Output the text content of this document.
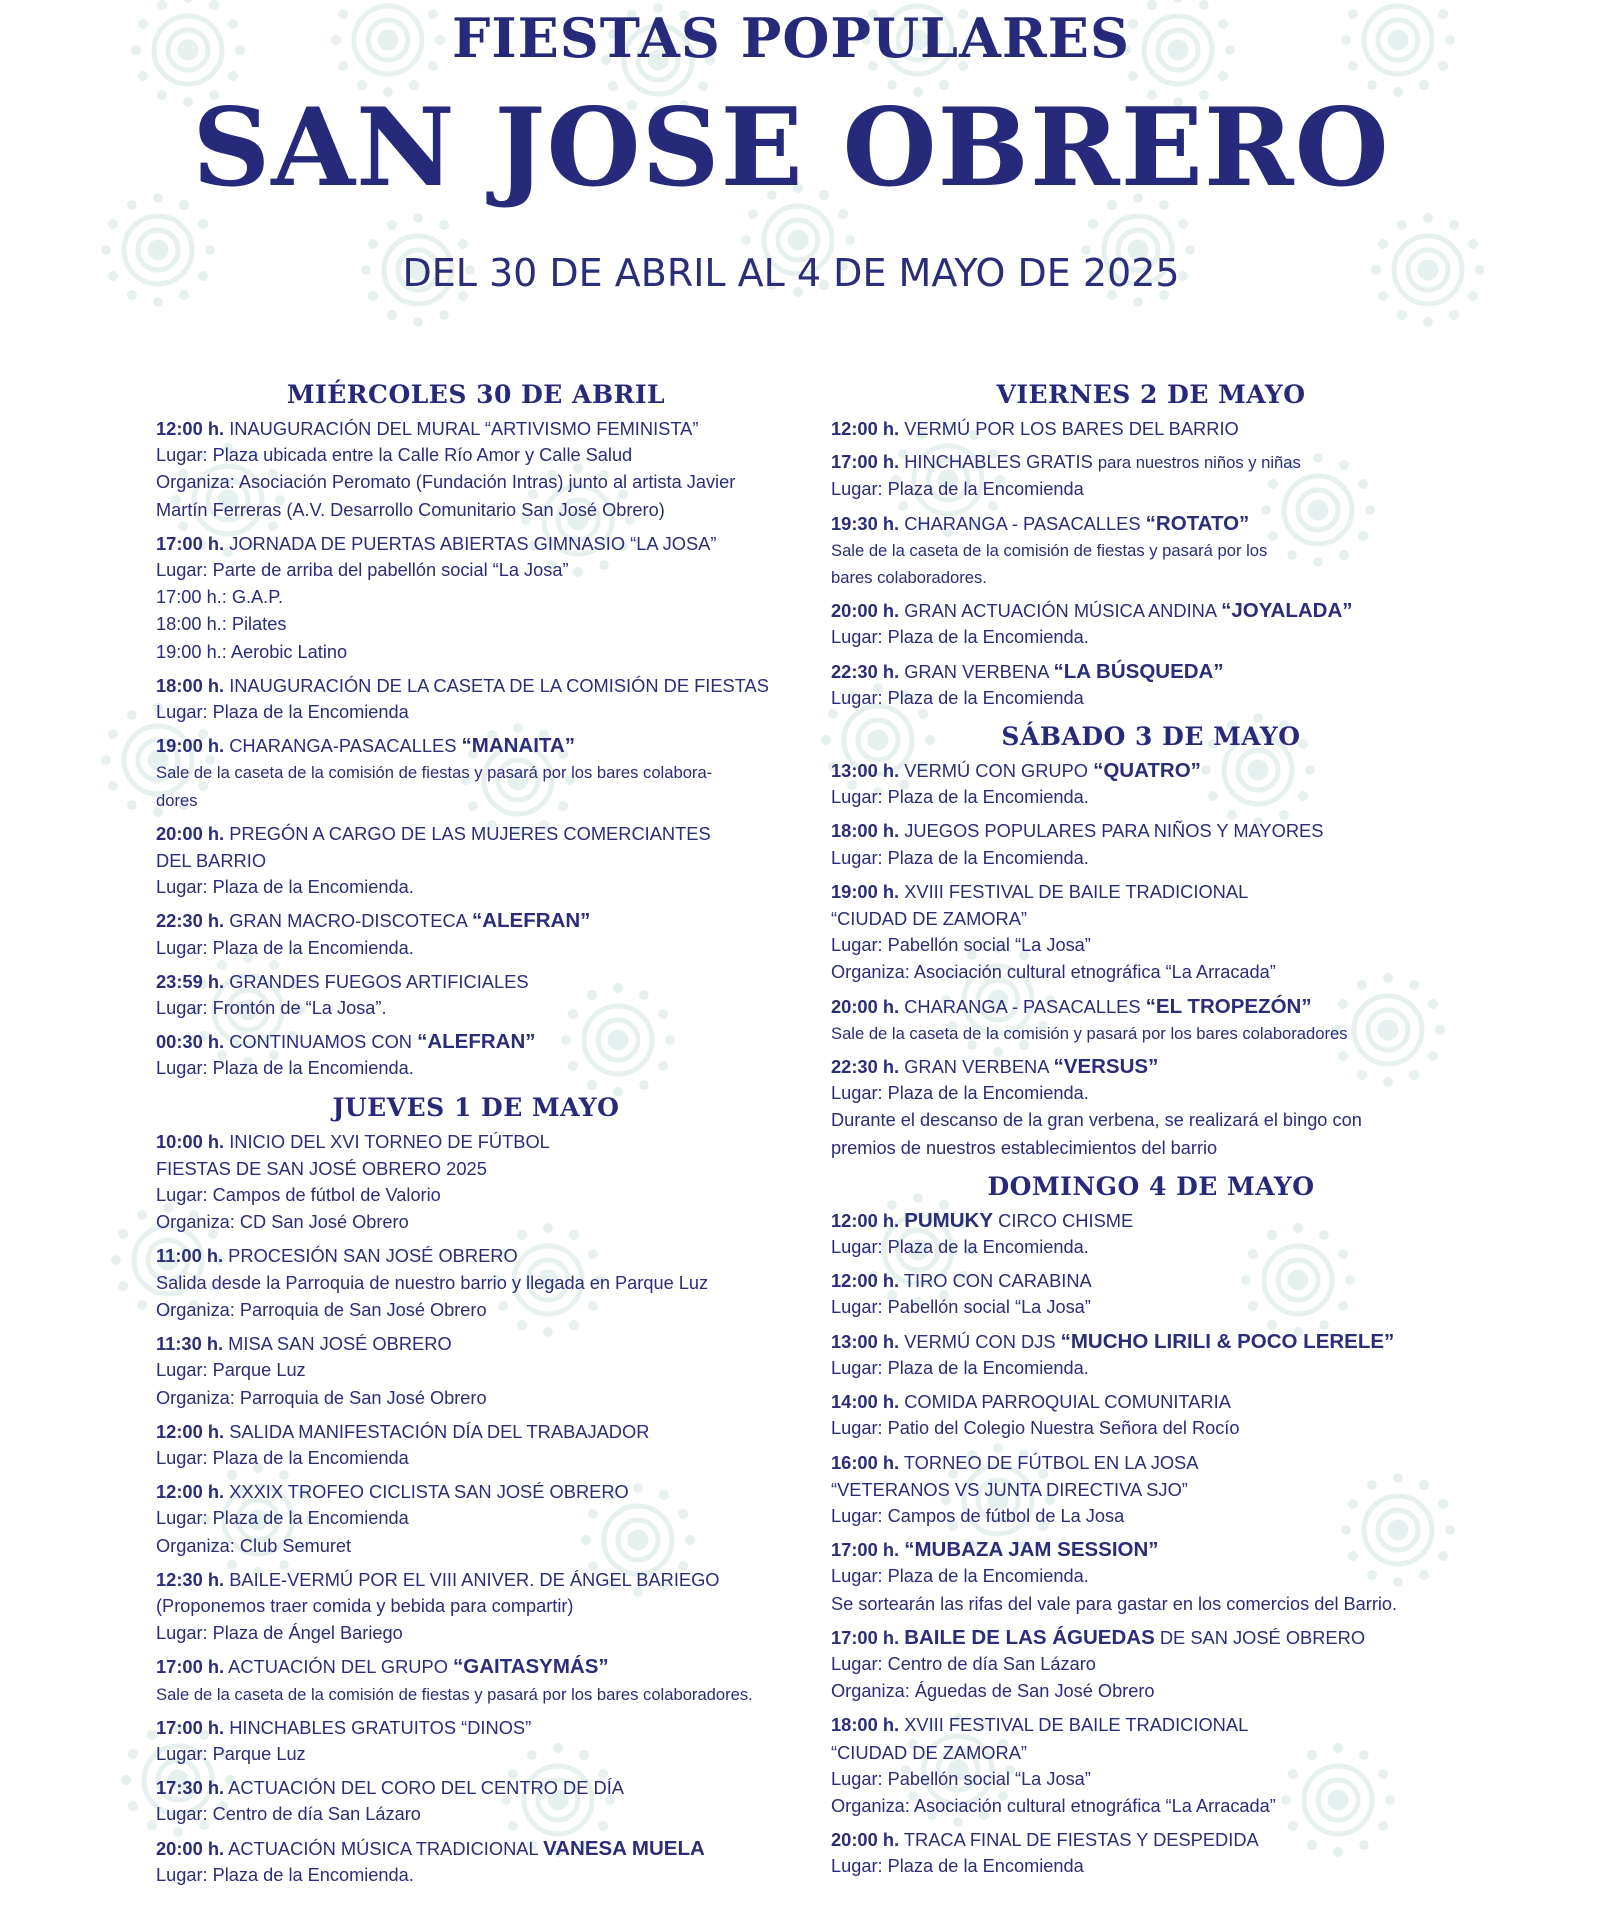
FIESTAS POPULARES
SAN JOSE OBRERO
DEL 30 DE ABRIL AL 4 DE MAYO DE 2025
MIÉRCOLES 30 DE ABRIL
12:00 h. INAUGURACIÓN DEL MURAL “ARTIVISMO FEMINISTA”
Lugar: Plaza ubicada entre la Calle Río Amor y Calle Salud
Organiza: Asociación Peromato (Fundación Intras) junto al artista Javier
Martín Ferreras (A.V. Desarrollo Comunitario San José Obrero)
17:00 h. JORNADA DE PUERTAS ABIERTAS GIMNASIO “LA JOSA”
Lugar: Parte de arriba del pabellón social “La Josa”
17:00 h.: G.A.P.
18:00 h.: Pilates
19:00 h.: Aerobic Latino
18:00 h. INAUGURACIÓN DE LA CASETA DE LA COMISIÓN DE FIESTAS
Lugar: Plaza de la Encomienda
19:00 h. CHARANGA-PASACALLES “MANAITA”
Sale de la caseta de la comisión de fiestas y pasará por los bares colabora-
dores
20:00 h. PREGÓN A CARGO DE LAS MUJERES COMERCIANTES
DEL BARRIO
Lugar: Plaza de la Encomienda.
22:30 h. GRAN MACRO-DISCOTECA “ALEFRAN”
Lugar: Plaza de la Encomienda.
23:59 h. GRANDES FUEGOS ARTIFICIALES
Lugar: Frontón de “La Josa”.
00:30 h. CONTINUAMOS CON “ALEFRAN”
Lugar: Plaza de la Encomienda.
JUEVES 1 DE MAYO
10:00 h. INICIO DEL XVI TORNEO DE FÚTBOL
FIESTAS DE SAN JOSÉ OBRERO 2025
Lugar: Campos de fútbol de Valorio
Organiza: CD San José Obrero
11:00 h. PROCESIÓN SAN JOSÉ OBRERO
Salida desde la Parroquia de nuestro barrio y llegada en Parque Luz
Organiza: Parroquia de San José Obrero
11:30 h. MISA SAN JOSÉ OBRERO
Lugar: Parque Luz
Organiza: Parroquia de San José Obrero
12:00 h. SALIDA MANIFESTACIÓN DÍA DEL TRABAJADOR
Lugar: Plaza de la Encomienda
12:00 h. XXXIX TROFEO CICLISTA SAN JOSÉ OBRERO
Lugar: Plaza de la Encomienda
Organiza: Club Semuret
12:30 h. BAILE-VERMÚ POR EL VIII ANIVER. DE ÁNGEL BARIEGO
(Proponemos traer comida y bebida para compartir)
Lugar: Plaza de Ángel Bariego
17:00 h. ACTUACIÓN DEL GRUPO “GAITASYMÁS”
Sale de la caseta de la comisión de fiestas y pasará por los bares colaboradores.
17:00 h. HINCHABLES GRATUITOS “DINOS”
Lugar: Parque Luz
17:30 h. ACTUACIÓN DEL CORO DEL CENTRO DE DÍA
Lugar: Centro de día San Lázaro
20:00 h. ACTUACIÓN MÚSICA TRADICIONAL VANESA MUELA
Lugar: Plaza de la Encomienda.
VIERNES 2 DE MAYO
12:00 h. VERMÚ POR LOS BARES DEL BARRIO
17:00 h. HINCHABLES GRATIS para nuestros niños y niñas
Lugar: Plaza de la Encomienda
19:30 h. CHARANGA - PASACALLES “ROTATO”
Sale de la caseta de la comisión de fiestas y pasará por los
bares colaboradores.
20:00 h. GRAN ACTUACIÓN MÚSICA ANDINA “JOYALADA”
Lugar: Plaza de la Encomienda.
22:30 h. GRAN VERBENA “LA BÚSQUEDA”
Lugar: Plaza de la Encomienda
SÁBADO 3 DE MAYO
13:00 h. VERMÚ CON GRUPO “QUATRO”
Lugar: Plaza de la Encomienda.
18:00 h. JUEGOS POPULARES PARA NIÑOS Y MAYORES
Lugar: Plaza de la Encomienda.
19:00 h. XVIII FESTIVAL DE BAILE TRADICIONAL
“CIUDAD DE ZAMORA”
Lugar: Pabellón social “La Josa”
Organiza: Asociación cultural etnográfica “La Arracada”
20:00 h. CHARANGA - PASACALLES “EL TROPEZÓN”
Sale de la caseta de la comisión y pasará por los bares colaboradores
22:30 h. GRAN VERBENA “VERSUS”
Lugar: Plaza de la Encomienda.
Durante el descanso de la gran verbena, se realizará el bingo con
premios de nuestros establecimientos del barrio
DOMINGO 4 DE MAYO
12:00 h. PUMUKY CIRCO CHISME
Lugar: Plaza de la Encomienda.
12:00 h. TIRO CON CARABINA
Lugar: Pabellón social “La Josa”
13:00 h. VERMÚ CON DJS “MUCHO LIRILI & POCO LERELE”
Lugar: Plaza de la Encomienda.
14:00 h. COMIDA PARROQUIAL COMUNITARIA
Lugar: Patio del Colegio Nuestra Señora del Rocío
16:00 h. TORNEO DE FÚTBOL EN LA JOSA
“VETERANOS VS JUNTA DIRECTIVA SJO”
Lugar: Campos de fútbol de La Josa
17:00 h. “MUBAZA JAM SESSION”
Lugar: Plaza de la Encomienda.
Se sortearán las rifas del vale para gastar en los comercios del Barrio.
17:00 h. BAILE DE LAS ÁGUEDAS DE SAN JOSÉ OBRERO
Lugar: Centro de día San Lázaro
Organiza: Águedas de San José Obrero
18:00 h. XVIII FESTIVAL DE BAILE TRADICIONAL
“CIUDAD DE ZAMORA”
Lugar: Pabellón social “La Josa”
Organiza: Asociación cultural etnográfica “La Arracada”
20:00 h. TRACA FINAL DE FIESTAS Y DESPEDIDA
Lugar: Plaza de la Encomienda
